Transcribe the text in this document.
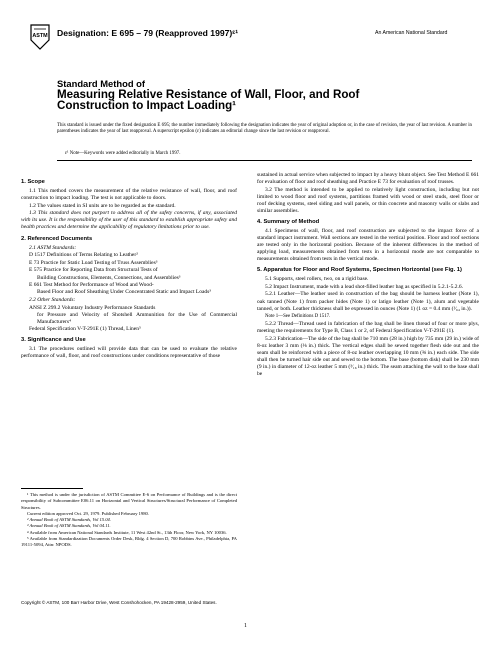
ASTM Designation: E 695 – 79 (Reapproved 1997)ᵋ¹	An American National Standard
Standard Method of
Measuring Relative Resistance of Wall, Floor, and Roof Construction to Impact Loading¹
This standard is issued under the fixed designation E 695; the number immediately following the designation indicates the year of original adoption or, in the case of revision, the year of last revision. A number in parentheses indicates the year of last reapproval. A superscript epsilon (ε) indicates an editorial change since the last revision or reapproval.
ε¹ Note—Keywords were added editorially in March 1997.
1. Scope

1.1 This method covers the measurement of the relative resistance of wall, floor, and roof construction to impact loading. The test is not applicable to doors.

1.2 The values stated in SI units are to be regarded as the standard.

1.3 This standard does not purport to address all of the safety concerns, if any, associated with its use. It is the responsibility of the user of this standard to establish appropriate safety and health practices and determine the applicability of regulatory limitations prior to use.

2. Referenced Documents

2.1 ASTM Standards:

D 1517 Definitions of Terms Relating to Leather²

E 73 Practice for Static Load Testing of Truss Assemblies³

E 575 Practice for Reporting Data from Structural Tests of
Building Constructions, Elements, Connections, and Assemblies³

E 661 Test Method for Performance of Wood and Wood-
Based Floor and Roof Sheathing Under Concentrated Static and Impact Loads³

2.2 Other Standards:

ANSI Z 299.2 Voluntary Industry Performance Standards
for Pressure and Velocity of Shotshell Ammunition for the Use of Commercial Manufacturers⁴

Federal Specification V-T-291E (1) Thread, Linen⁵

3. Significance and Use

3.1 The procedures outlined will provide data that can be used to evaluate the relative performance of wall, floor, and roof constructions under conditions representative of those

sustained in actual service when subjected to impact by a heavy blunt object. See Test Method E 661 for evaluation of floor and roof sheathing and Practice E 73 for evaluation of roof trusses.

3.2 The method is intended to be applied to relatively light construction, including but not limited to wood floor and roof systems, partitions framed with wood or steel studs, steel floor or roof decking systems, steel siding and wall panels, or thin concrete and masonry walls or slabs and similar assemblies.

4. Summary of Method

4.1 Specimens of wall, floor, and roof construction are subjected to the impact force of a standard impact instrument. Wall sections are tested in the vertical position. Floor and roof sections are tested only in the horizontal position. Because of the inherent differences in the method of applying load, measurements obtained from tests in a horizontal mode are not comparable to measurements obtained from tests in the vertical mode.

5. Apparatus for Floor and Roof Systems, Specimen Horizontal (see Fig. 1)

5.1 Supports, steel rollers, two, on a rigid base.

5.2 Impact Instrument, made with a lead shot-filled leather bag as specified in 5.2.1-5.2.6.

5.2.1 Leather—The leather used in construction of the bag should be harness leather (Note 1), oak tanned (Note 1) from packer hides (Note 1) or latigo leather (Note 1), alum and vegetable tanned, or both. Leather thickness shall be expressed in ounces (Note 1) (1 oz = 0.4 mm (¹⁄₆₄ in.)).

Note 1—See Definitions D 1517.

5.2.2 Thread—Thread used in fabrication of the bag shall be linen thread of four or more plys, meeting the requirements for Type B, Class 1 or 2, of Federal Specification V-T-291E (1).

5.2.3 Fabrication—The side of the bag shall be 710 mm (28 in.) high by 735 mm (29 in.) wide of 8-oz leather 3 mm (⅛ in.) thick. The vertical edges shall be sewed together flesh side out and the seam shall be reinforced with a piece of 8-oz leather overlapping 10 mm (⅜ in.) each side. The side shall then be turned hair side out and sewed to the bottom. The base (bottom disk) shall be 230 mm (9 in.) in diameter of 12-oz leather 5 mm (³⁄₁₆ in.) thick. The seam attaching the wall to the base shall be

¹ This method is under the jurisdiction of ASTM Committee E-6 on Performance of Buildings and is the direct responsibility of Subcommittee E06.11 on Horizontal and Vertical Structures/Structural Performance of Completed Structures.
Current edition approved Oct. 29, 1979. Published February 1980.
² Annual Book of ASTM Standards, Vol 15.04.
³ Annual Book of ASTM Standards, Vol 04.11.
⁴ Available from American National Standards Institute, 11 West 42nd St., 13th Floor, New York, NY 10036.
⁵ Available from Standardization Documents Order Desk, Bldg. 4 Section D, 700 Robbins Ave., Philadelphia, PA 19111-5094, Attn: NPODS.
Copyright © ASTM, 100 Barr Harbor Drive, West Conshohocken, PA 19428-2959, United States.
1
